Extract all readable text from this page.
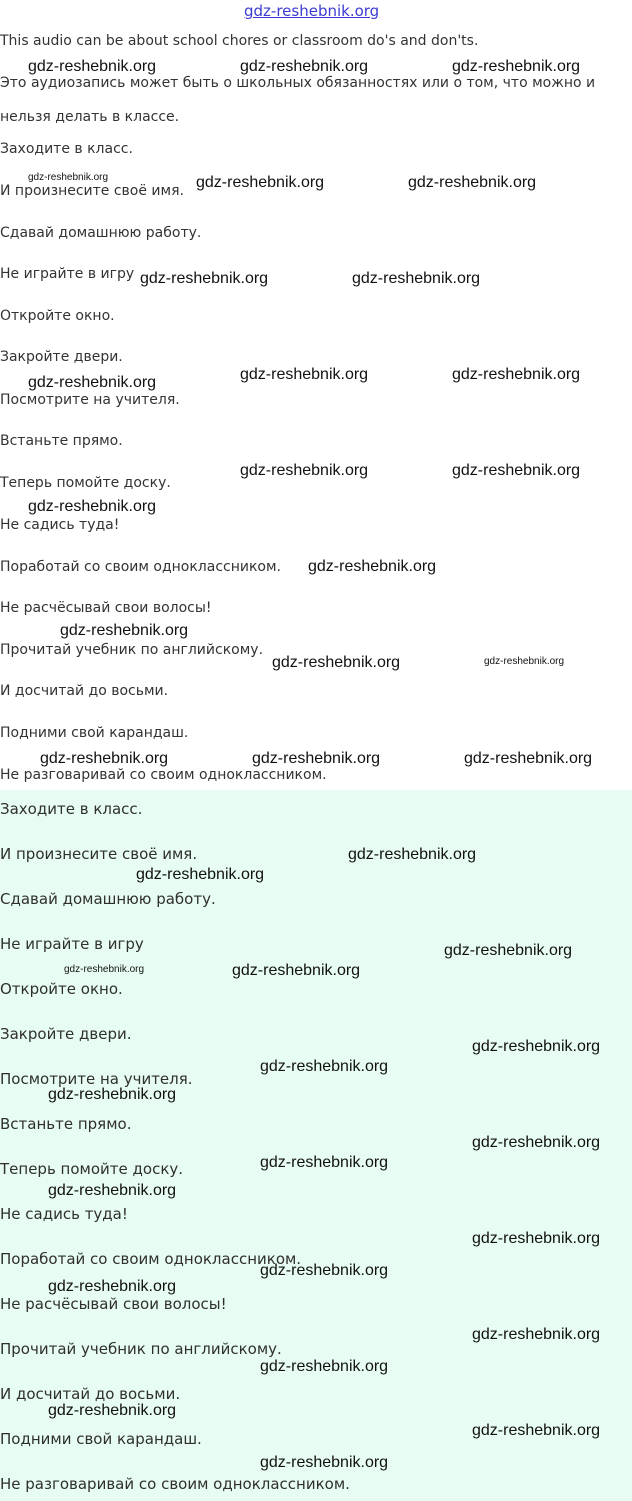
gdz-reshebnik.org
This audio can be about school chores or classroom do's and don'ts.
Это аудиозапись может быть о школьных обязанностях или о том, что можно и
нельзя делать в классе.
Заходите в класс.
И произнесите своё имя.
Сдавай домашнюю работу.
Не играйте в игру
Откройте окно.
Закройте двери.
Посмотрите на учителя.
Встаньте прямо.
Теперь помойте доску.
Не садись туда!
Поработай со своим одноклассником.
Не расчёсывай свои волосы!
Прочитай учебник по английскому.
И досчитай до восьми.
Подними свой карандаш.
Не разговаривай со своим одноклассником.
Заходите в класс.
И произнесите своё имя.
Сдавай домашнюю работу.
Не играйте в игру
Откройте окно.
Закройте двери.
Посмотрите на учителя.
Встаньте прямо.
Теперь помойте доску.
Не садись туда!
Поработай со своим одноклассником.
Не расчёсывай свои волосы!
Прочитай учебник по английскому.
И досчитай до восьми.
Подними свой карандаш.
Не разговаривай со своим одноклассником.
gdz-reshebnik.org	gdz-reshebnik.org	gdz-reshebnik.org
gdz-reshebnik.org	gdz-reshebnik.org	gdz-reshebnik.org
gdz-reshebnik.org	gdz-reshebnik.org
gdz-reshebnik.org	gdz-reshebnik.org	gdz-reshebnik.org
gdz-reshebnik.org	gdz-reshebnik.org
gdz-reshebnik.org
gdz-reshebnik.org
gdz-reshebnik.org
gdz-reshebnik.org	gdz-reshebnik.org
gdz-reshebnik.org	gdz-reshebnik.org	gdz-reshebnik.org
gdz-reshebnik.org
gdz-reshebnik.org
gdz-reshebnik.org
gdz-reshebnik.org	gdz-reshebnik.org
gdz-reshebnik.org
gdz-reshebnik.org
gdz-reshebnik.org
gdz-reshebnik.org
gdz-reshebnik.org
gdz-reshebnik.org
gdz-reshebnik.org
gdz-reshebnik.org
gdz-reshebnik.org
gdz-reshebnik.org
gdz-reshebnik.org
gdz-reshebnik.org
gdz-reshebnik.org
gdz-reshebnik.org
